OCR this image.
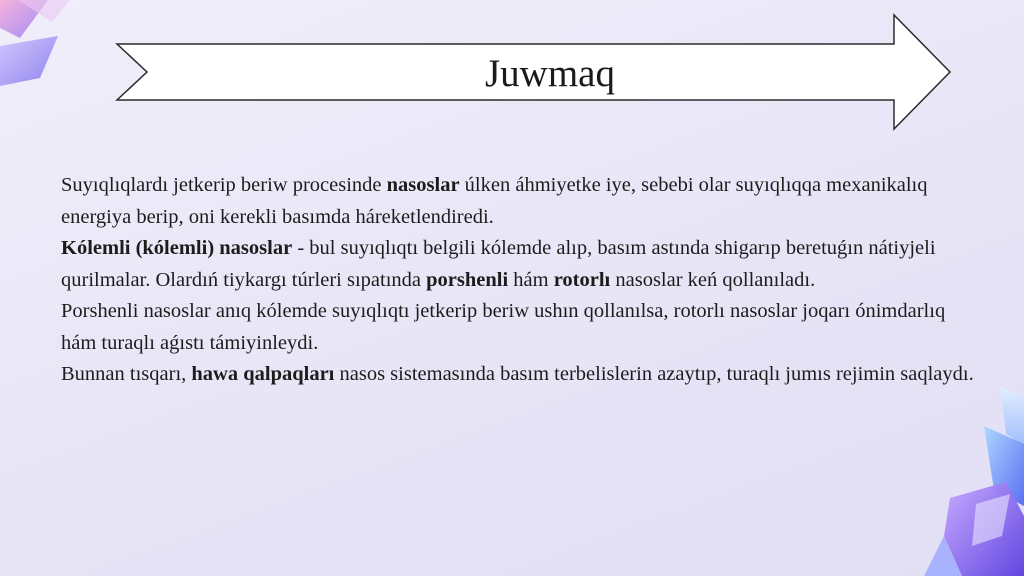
Juwmaq

Suyıqlıqlardı jetkerip beriw procesinde nasoslar úlken áhmiyetke iye, sebebi olar suyıqlıqqa mexanikalıq energiya berip, oni kerekli basımda háreketlendiredi.

Kólemli (kólemli) nasoslar - bul suyıqlıqtı belgili kólemde alıp, basım astında shigarıp beretuǵın nátiyjeli qurilmalar. Olardıń tiykargı túrleri sıpatında porshenli hám rotorlı nasoslar keń qollanıladı.

Porshenli nasoslar anıq kólemde suyıqlıqtı jetkerip beriw ushın qollanılsa, rotorlı nasoslar joqarı ónimdarlıq hám turaqlı aǵıstı támiyinleydi.

Bunnan tısqarı, hawa qalpaqları nasos sistemasında basım terbelislerin azaytıp, turaqlı jumıs rejimin saqlaydı.
